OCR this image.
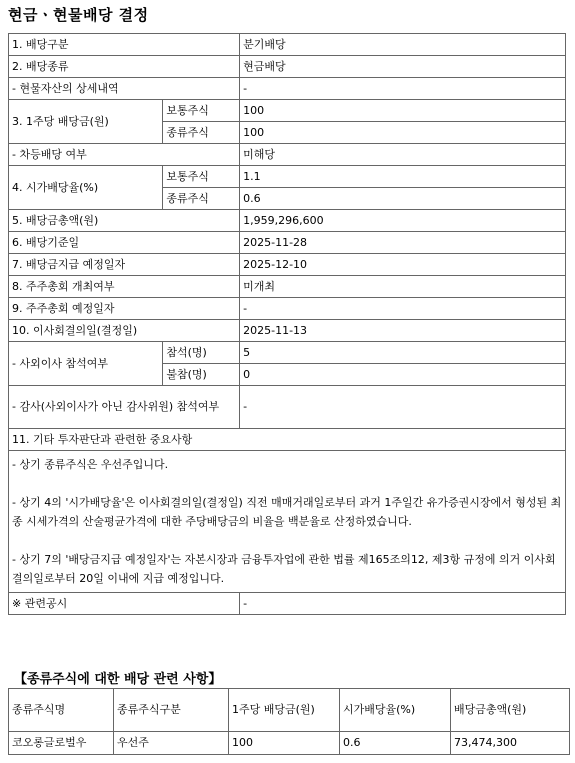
현금ㆍ현물배당 결정
1. 배당구분		분기배당
2. 배당종류		현금배당
- 현물자산의 상세내역		-
3. 1주당 배당금(원)	보통주식	100
	종류주식	100
- 차등배당 여부		미해당
4. 시가배당율(%)	보통주식	1.1
	종류주식	0.6
5. 배당금총액(원)		1,959,296,600
6. 배당기준일		2025-11-28
7. 배당금지급 예정일자		2025-12-10
8. 주주총회 개최여부		미개최
9. 주주총회 예정일자		-
10. 이사회결의일(결정일)		2025-11-13
- 사외이사 참석여부	참석(명)	5
	불참(명)	0
- 감사(사외이사가 아닌 감사위원) 참석여부		-
11. 기타 투자판단과 관련한 중요사항		
- 상기 종류주식은 우선주입니다.

- 상기 4의 '시가배당율'은 이사회결의일(결정일) 직전 매매거래일로부터 과거 1주일간 유가증권시장에서 형성된 최종 시세가격의 산술평균가격에 대한 주당배당금의 비율을 백분율로 산정하였습니다.

- 상기 7의 '배당금지급 예정일자'는 자본시장과 금융투자업에 관한 법률 제165조의12, 제3항 규정에 의거 이사회 결의일로부터 20일 이내에 지급 예정입니다.		
※ 관련공시		-
【종류주식에 대한 배당 관련 사항】
종류주식명	종류주식구분	1주당 배당금(원)	시가배당율(%)	배당금총액(원)
코오롱글로벌우	우선주	100	0.6	73,474,300
